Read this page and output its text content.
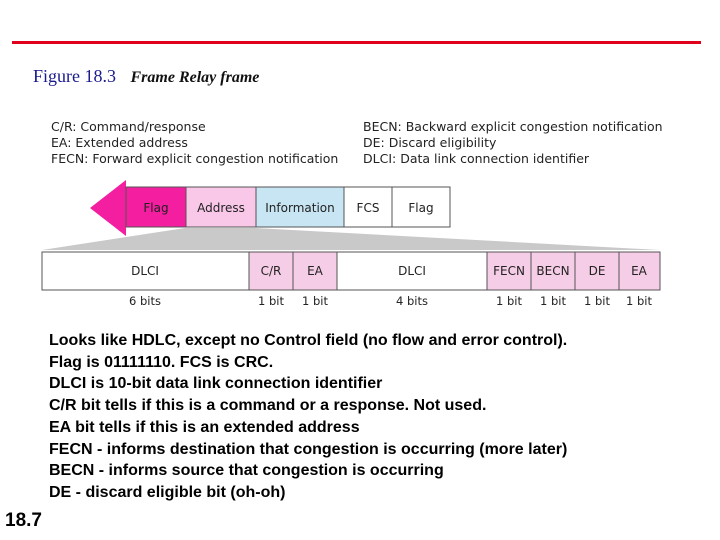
Figure 18.3 Frame Relay frame
C/R: Command/response
EA: Extended address
FECN: Forward explicit congestion notification
BECN: Backward explicit congestion notification
DE: Discard eligibility
DLCI: Data link connection identifier
Flag Address Information FCS Flag
DLCI	C/R EA	DLCI	FECN BECN DE EA
6 bits	1 bit 1 bit	4 bits	1 bit 1 bit 1 bit 1 bit
Looks like HDLC, except no Control field (no flow and error control).
Flag is 01111110. FCS is CRC.
DLCI is 10-bit data link connection identifier
C/R bit tells if this is a command or a response. Not used.
EA bit tells if this is an extended address
FECN - informs destination that congestion is occurring (more later)
BECN - informs source that congestion is occurring
DE - discard eligible bit (oh-oh)
18.7
